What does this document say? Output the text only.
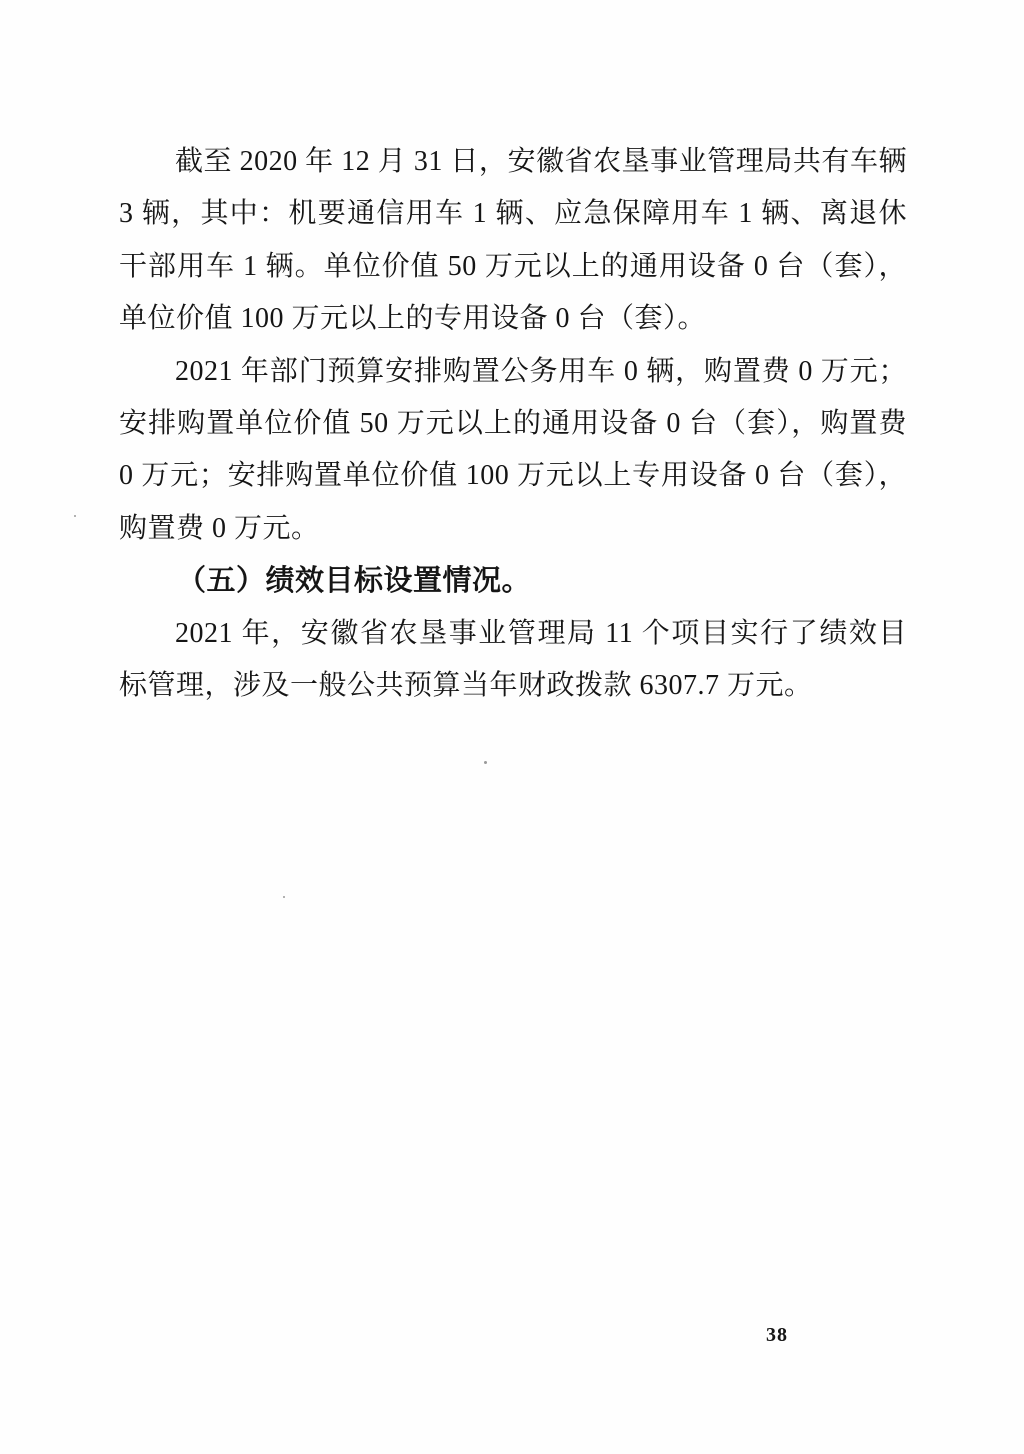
截至 2020 年 12 月 31 日，安徽省农垦事业管理局共有车辆 3 辆，其中：机要通信用车 1 辆、应急保障用车 1 辆、离退休干部用车 1 辆。单位价值 50 万元以上的通用设备 0 台（套），单位价值 100 万元以上的专用设备 0 台（套）。

2021 年部门预算安排购置公务用车 0 辆，购置费 0 万元；安排购置单位价值 50 万元以上的通用设备 0 台（套），购置费 0 万元；安排购置单位价值 100 万元以上专用设备 0 台（套），购置费 0 万元。

（五）绩效目标设置情况。

2021 年，安徽省农垦事业管理局 11 个项目实行了绩效目标管理，涉及一般公共预算当年财政拨款 6307.7 万元。

38
